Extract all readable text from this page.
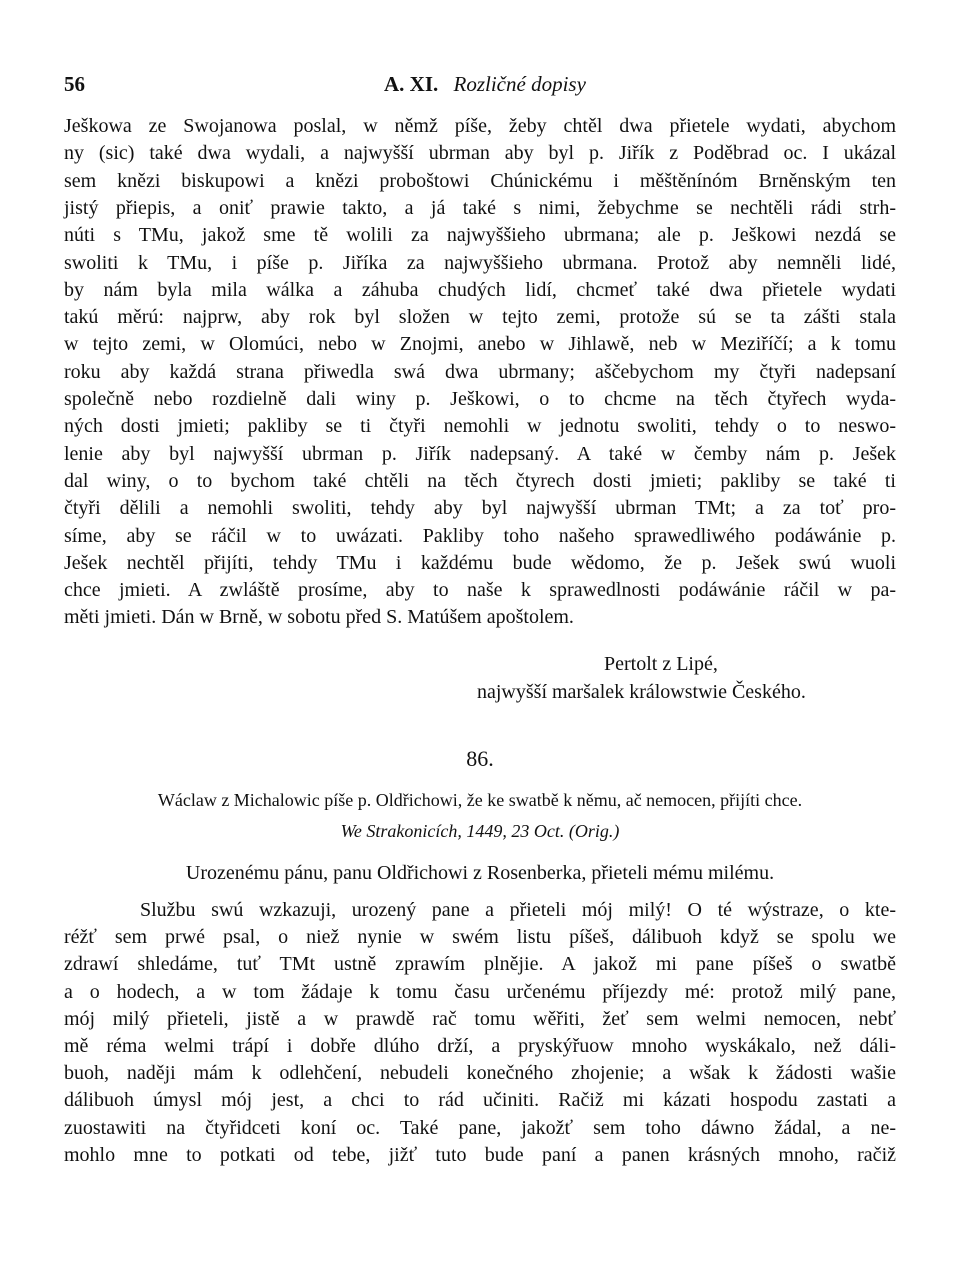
56	A. XI. Rozličné dopisy
Ješkowa ze Swojanowa poslal, w němž píše, žeby chtěl dwa přietele wydati, abychom
ny (sic) také dwa wydali, a najwyšší ubrman aby byl p. Jiřík z Poděbrad oc. I ukázal
sem knězi biskupowi a knězi proboštowi Chúnickému i měštěnínóm Brněnským ten
jistý přiepis, a oniť prawie takto, a já také s nimi, žebychme se nechtěli rádi strh-
núti s TMu, jakož sme tě wolili za najwyššieho ubrmana; ale p. Ješkowi nezdá se
swoliti k TMu, i píše p. Jiříka za najwyššieho ubrmana. Protož aby nemněli lidé,
by nám byla mila wálka a záhuba chudých lidí, chcmeť také dwa přietele wydati
takú měrú: najprw, aby rok byl složen w tejto zemi, protože sú se ta zášti stala
w tejto zemi, w Olomúci, nebo w Znojmi, anebo w Jihlawě, neb w Meziříčí; a k tomu
roku aby každá strana přiwedla swá dwa ubrmany; aščebychom my čtyři nadepsaní
společně nebo rozdielně dali winy p. Ješkowi, o to chcme na těch čtyřech wyda-
ných dosti jmieti; pakliby se ti čtyři nemohli w jednotu swoliti, tehdy o to neswo-
lenie aby byl najwyšší ubrman p. Jiřík nadepsaný. A také w čemby nám p. Ješek
dal winy, o to bychom také chtěli na těch čtyrech dosti jmieti; pakliby se také ti
čtyři dělili a nemohli swoliti, tehdy aby byl najwyšší ubrman TMt; a za toť pro-
síme, aby se ráčil w to uwázati. Pakliby toho našeho sprawedliwého podáwánie p.
Ješek nechtěl přijíti, tehdy TMu i každému bude wědomo, že p. Ješek swú wuoli
chce jmieti. A zwláště prosíme, aby to naše k sprawedlnosti podáwánie ráčil w pa-
měti jmieti. Dán w Brně, w sobotu před S. Matúšem apoštolem.
Pertolt z Lipé,
najwyšší maršalek králowstwie Českého.
86.
Wáclaw z Michalowic píše p. Oldřichowi, že ke swatbě k němu, ač nemocen, přijíti chce.
We Strakonicích, 1449, 23 Oct. (Orig.)
Urozenému pánu, panu Oldřichowi z Rosenberka, přieteli mému milému.
Službu swú wzkazuji, urozený pane a přieteli mój milý! O té wýstraze, o kte-
réžť sem prwé psal, o niež nynie w swém listu píšeš, dálibuoh když se spolu we
zdrawí shledáme, tuť TMt ustně zprawím plnějie. A jakož mi pane píšeš o swatbě
a o hodech, a w tom žádaje k tomu času určenému příjezdy mé: protož milý pane,
mój milý přieteli, jistě a w prawdě rač tomu wěřiti, žeť sem welmi nemocen, nebť
mě réma welmi trápí i dobře dlúho drží, a pryskýřuow mnoho wyskákalo, než dáli-
buoh, naději mám k odlehčení, nebudeli konečného zhojenie; a wšak k žádosti wašie
dálibuoh úmysl mój jest, a chci to rád učiniti. Račiž mi kázati hospodu zastati a
zuostawiti na čtyřidceti koní oc. Také pane, jakožť sem toho dáwno žádal, a ne-
mohlo mne to potkati od tebe, jižť tuto bude paní a panen krásných mnoho, račiž
